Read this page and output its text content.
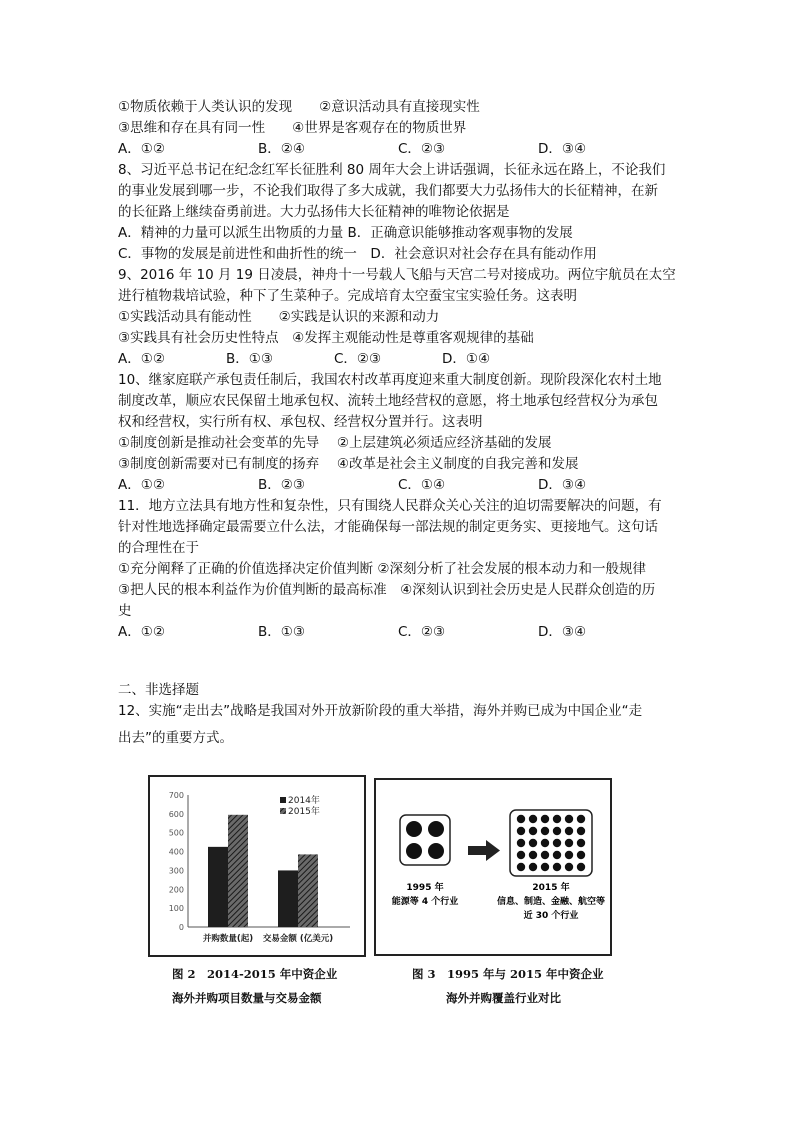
①物质依赖于人类认识的发现　　②意识活动具有直接现实性
③思维和存在具有同一性　　④世界是客观存在的物质世界
A．①②	B．②④	C．②③	D．③④
8、习近平总书记在纪念红军长征胜利 80 周年大会上讲话强调，长征永远在路上，不论我们
的事业发展到哪一步，不论我们取得了多大成就，我们都要大力弘扬伟大的长征精神，在新
的长征路上继续奋勇前进。大力弘扬伟大长征精神的唯物论依据是
A．精神的力量可以派生出物质的力量 B．正确意识能够推动客观事物的发展
C．事物的发展是前进性和曲折性的统一　D．社会意识对社会存在具有能动作用
9、2016 年 10 月 19 日凌晨，神舟十一号载人飞船与天宫二号对接成功。两位宇航员在太空
进行植物栽培试验，种下了生菜种子。完成培育太空蚕宝宝实验任务。这表明
①实践活动具有能动性　　②实践是认识的来源和动力
③实践具有社会历史性特点　④发挥主观能动性是尊重客观规律的基础
A．①②	B．①③	C．②③	D．①④
10、继家庭联产承包责任制后，我国农村改革再度迎来重大制度创新。现阶段深化农村土地
制度改革，顺应农民保留土地承包权、流转土地经营权的意愿，将土地承包经营权分为承包
权和经营权，实行所有权、承包权、经营权分置并行。这表明
①制度创新是推动社会变革的先导　 ②上层建筑必须适应经济基础的发展
③制度创新需要对已有制度的扬弃　 ④改革是社会主义制度的自我完善和发展
A．①②	B．②③	C．①④	D．③④
11．地方立法具有地方性和复杂性，只有围绕人民群众关心关注的迫切需要解决的问题，有
针对性地选择确定最需要立什么法，才能确保每一部法规的制定更务实、更接地气。这句话
的合理性在于
①充分阐释了正确的价值选择决定价值判断 ②深刻分析了社会发展的根本动力和一般规律
③把人民的根本利益作为价值判断的最高标准　④深刻认识到社会历史是人民群众创造的历
史
A．①②	B．①③	C．②③	D．③④
二、非选择题
12、实施“走出去”战略是我国对外开放新阶段的重大举措，海外并购已成为中国企业“走
出去”的重要方式。
0
100
200
300
400
500
600
700
2014年
2015年
并购数量(起) 交易金额 (亿美元)
图 2　2014-2015 年中资企业
海外并购项目数量与交易金额
1995 年
能源等 4 个行业
2015 年
信息、制造、金融、航空等
近 30 个行业
图 3　1995 年与 2015 年中资企业
海外并购覆盖行业对比
